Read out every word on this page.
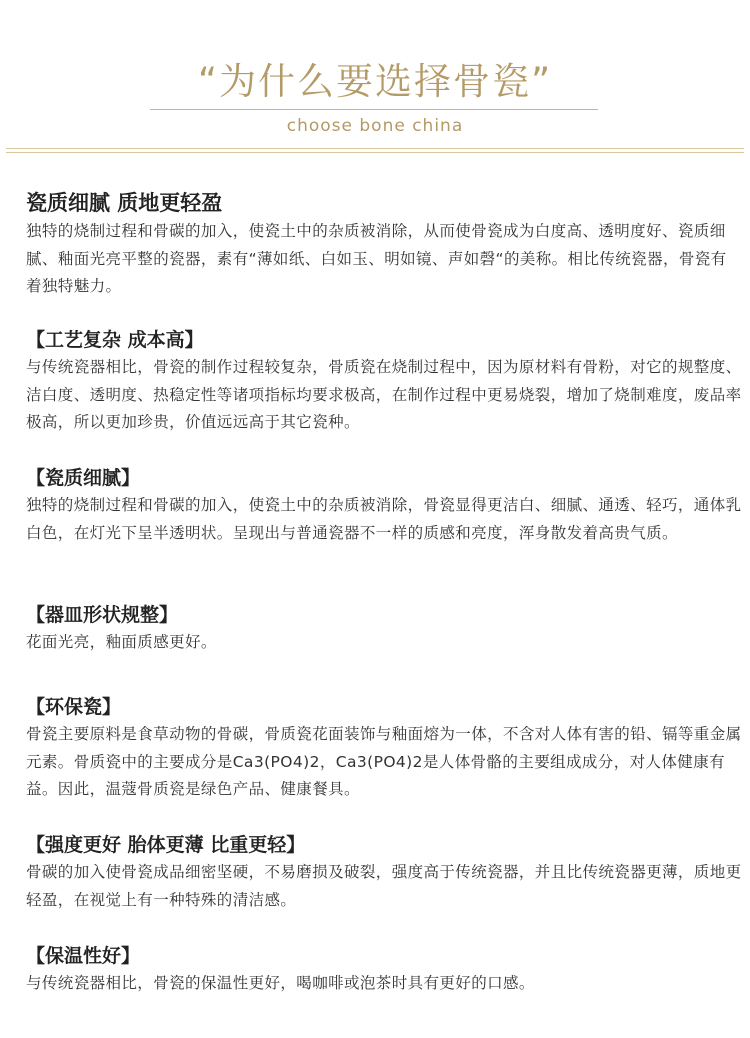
“为什么要选择骨瓷”
choose bone china
瓷质细腻 质地更轻盈
独特的烧制过程和骨碳的加入，使瓷土中的杂质被消除，从而使骨瓷成为白度高、透明度好、瓷质细腻、釉面光亮平整的瓷器，素有“薄如纸、白如玉、明如镜、声如磬“的美称。相比传统瓷器，骨瓷有着独特魅力。
【工艺复杂 成本高】
与传统瓷器相比，骨瓷的制作过程较复杂，骨质瓷在烧制过程中，因为原材料有骨粉，对它的规整度、洁白度、透明度、热稳定性等诸项指标均要求极高，在制作过程中更易烧裂，增加了烧制难度，废品率极高，所以更加珍贵，价值远远高于其它瓷种。
【瓷质细腻】
独特的烧制过程和骨碳的加入，使瓷土中的杂质被消除，骨瓷显得更洁白、细腻、通透、轻巧，通体乳白色，在灯光下呈半透明状。呈现出与普通瓷器不一样的质感和亮度，浑身散发着高贵气质。
【器皿形状规整】
花面光亮，釉面质感更好。
【环保瓷】
骨瓷主要原料是食草动物的骨碳，骨质瓷花面装饰与釉面熔为一体，不含对人体有害的铅、镉等重金属元素。骨质瓷中的主要成分是Ca3(PO4)2，Ca3(PO4)2是人体骨骼的主要组成成分，对人体健康有益。因此，温蔻骨质瓷是绿色产品、健康餐具。
【强度更好 胎体更薄 比重更轻】
骨碳的加入使骨瓷成品细密坚硬，不易磨损及破裂，强度高于传统瓷器，并且比传统瓷器更薄，质地更轻盈，在视觉上有一种特殊的清洁感。
【保温性好】
与传统瓷器相比，骨瓷的保温性更好，喝咖啡或泡茶时具有更好的口感。
